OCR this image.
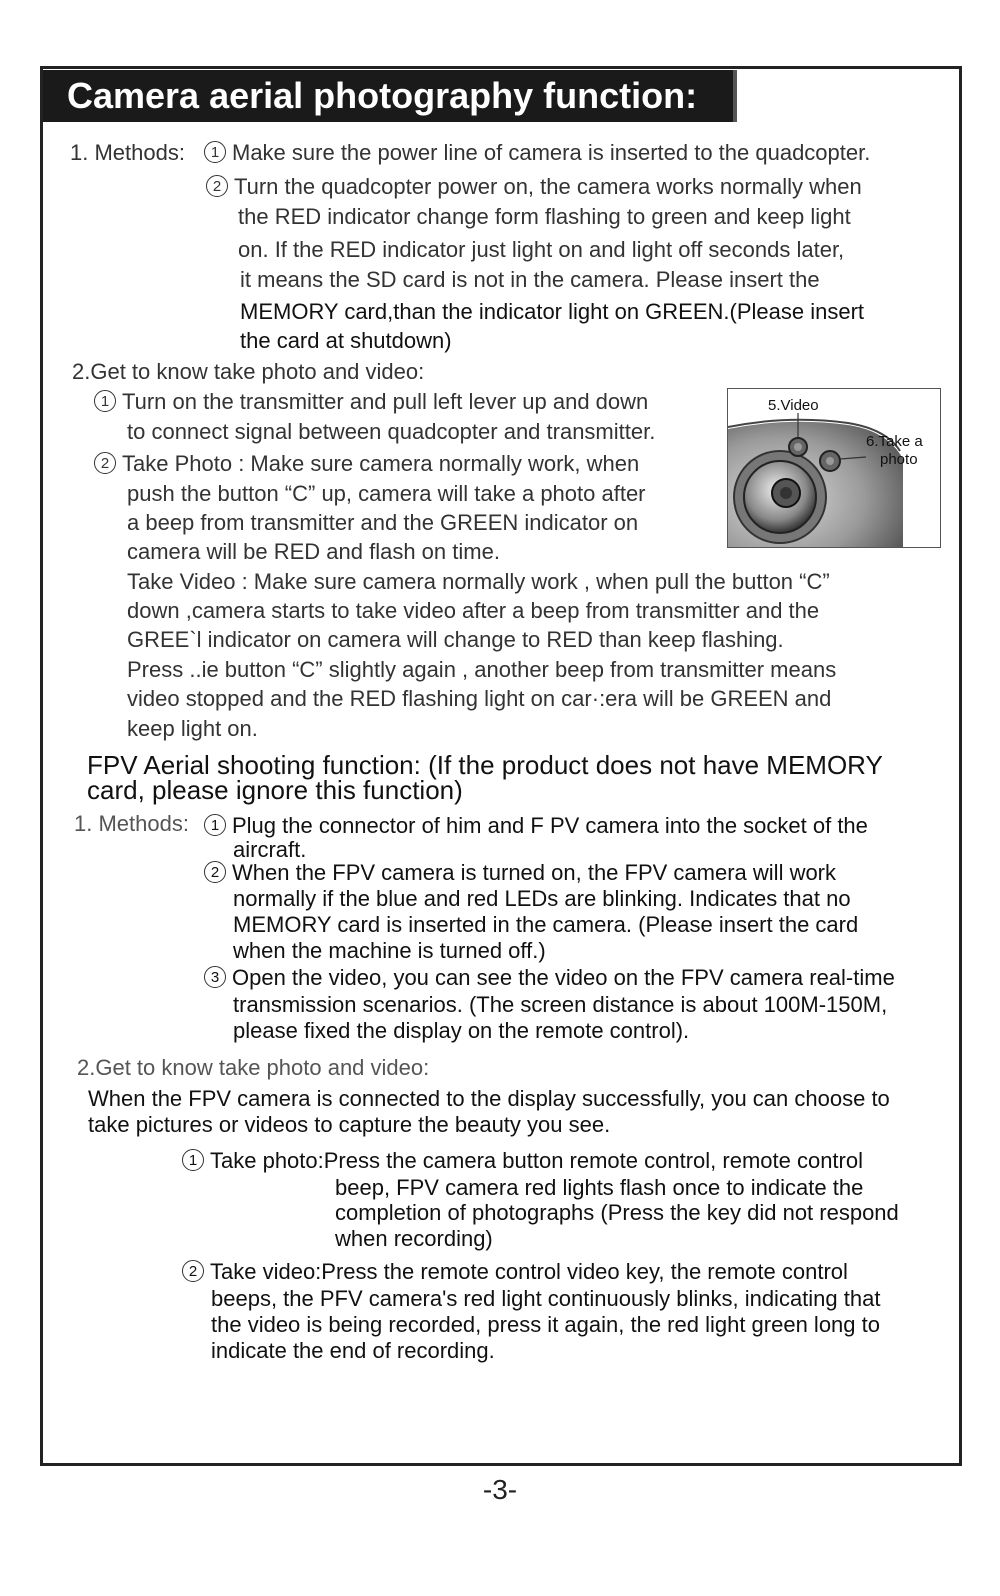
Camera aerial photography function:
1. Methods:	1 Make sure the power line of camera is inserted to the quadcopter.
2 Turn the quadcopter power on, the camera works normally when
the RED indicator change form flashing to green and keep light
on. If the RED indicator just light on and light off seconds later,
it means the SD card is not in the camera. Please insert the
MEMORY card,than the indicator light on GREEN.(Please insert
the card at shutdown)
2.Get to know take photo and video:
1 Turn on the transmitter and pull left lever up and down
to connect signal between quadcopter and transmitter.
2 Take Photo : Make sure camera normally work, when
push the button “C” up, camera will take a photo after
a beep from transmitter and the GREEN indicator on
camera will be RED and flash on time.
Take Video : Make sure camera normally work , when pull the button “C”
down ,camera starts to take video after a beep from transmitter and the
GREE`l indicator on camera will change to RED than keep flashing.
Press ..ie button “C” slightly again , another beep from transmitter means
video stopped and the RED flashing light on car·:era will be GREEN and
keep light on.
5.Video
6.Take a
photo
FPV Aerial shooting function: (If the product does not have MEMORY
card, please ignore this function)
1. Methods:	1 Plug the connector of him and F PV camera into the socket of the
aircraft.
2 When the FPV camera is turned on, the FPV camera will work
normally if the blue and red LEDs are blinking. Indicates that no
MEMORY card is inserted in the camera. (Please insert the card
when the machine is turned off.)
3 Open the video, you can see the video on the FPV camera real-time
transmission scenarios. (The screen distance is about 100M-150M,
please fixed the display on the remote control).
2.Get to know take photo and video:
When the FPV camera is connected to the display successfully, you can choose to
take pictures or videos to capture the beauty you see.
1 Take photo:Press the camera button remote control, remote control
beep, FPV camera red lights flash once to indicate the
completion of photographs (Press the key did not respond
when recording)
2 Take video:Press the remote control video key, the remote control
beeps, the PFV camera's red light continuously blinks, indicating that
the video is being recorded, press it again, the red light green long to
indicate the end of recording.
-3-
